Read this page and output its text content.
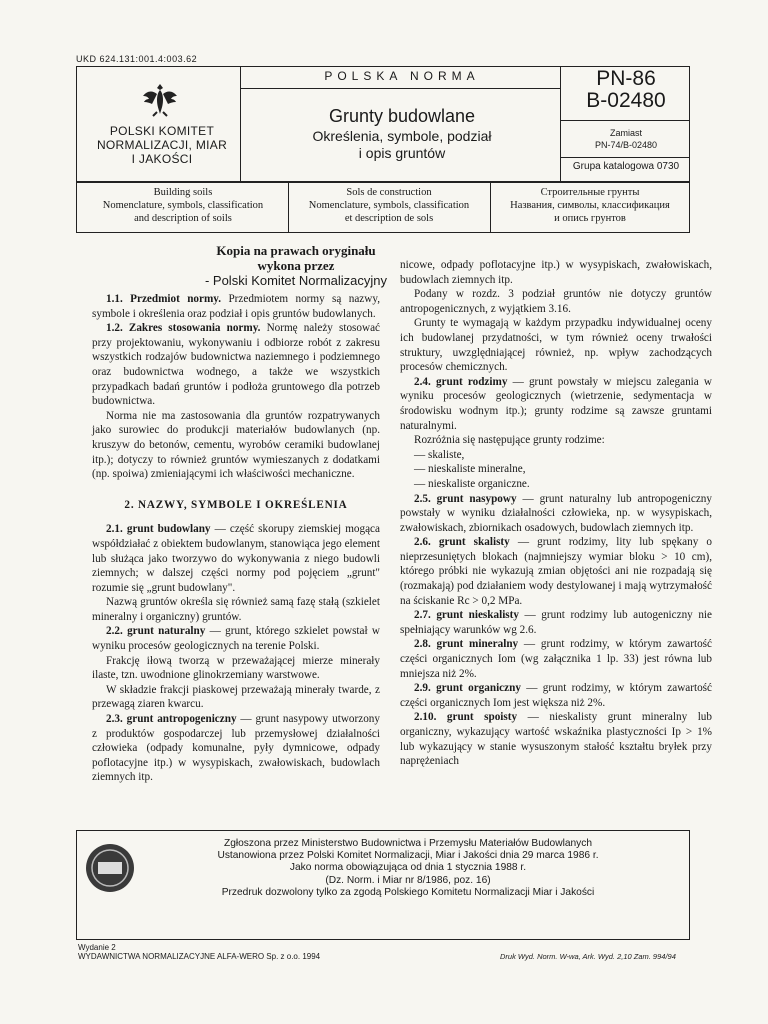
UKD 624.131:001.4:003.62
POLSKI KOMITET
NORMALIZACJI, MIAR
I JAKOŚCI
POLSKA NORMA
Grunty budowlane
Określenia, symbole, podział
i opis gruntów
PN-86
B-02480
Zamiast
PN-74/B-02480
Grupa katalogowa 0730
Building soils
Nomenclature, symbols, classification
and description of soils
Sols de construction
Nomenclature, symbols, classification
et description de sols
Строительные грунты
Названия, символы, классификация
и опись грунтов
Kopia na prawach oryginału
wykona przez
- Polski Komitet Normalizacyjny

1.1. Przedmiot normy. Przedmiotem normy są nazwy, symbole i określenia oraz podział i opis gruntów budowlanych.

1.2. Zakres stosowania normy. Normę należy stosować przy projektowaniu, wykonywaniu i odbiorze robót z zakresu wszystkich rodzajów budownictwa naziemnego i podziemnego oraz budownictwa wodnego, a także we wszystkich przypadkach badań gruntów i podłoża gruntowego dla potrzeb budownictwa.

Norma nie ma zastosowania dla gruntów rozpatrywanych jako surowiec do produkcji materiałów budowlanych (np. kruszyw do betonów, cementu, wyrobów ceramiki budowlanej itp.); dotyczy to również gruntów wymieszanych z dodatkami (np. spoiwa) zmieniającymi ich właściwości mechaniczne.

2. NAZWY, SYMBOLE I OKREŚLENIA

2.1. grunt budowlany — część skorupy ziemskiej mogąca współdziałać z obiektem budowlanym, stanowiąca jego element lub służąca jako tworzywo do wykonywania z niego budowli ziemnych; w dalszej części normy pod pojęciem „grunt" rozumie się „grunt budowlany".

Nazwą gruntów określa się również samą fazę stałą (szkielet mineralny i organiczny) gruntów.

2.2. grunt naturalny — grunt, którego szkielet powstał w wyniku procesów geologicznych na terenie Polski.

Frakcję iłową tworzą w przeważającej mierze minerały ilaste, tzn. uwodnione glinokrzemiany warstwowe.

W składzie frakcji piaskowej przeważają minerały twarde, z przewagą ziaren kwarcu.

2.3. grunt antropogeniczny — grunt nasypowy utworzony z produktów gospodarczej lub przemysłowej działalności człowieka (odpady komunalne, pyły dymnicowe, odpady poflotacyjne itp.) w wysypiskach, zwałowiskach, budowlach ziemnych itp.

nicowe, odpady poflotacyjne itp.) w wysypiskach, zwałowiskach, budowlach ziemnych itp.

Podany w rozdz. 3 podział gruntów nie dotyczy gruntów antropogenicznych, z wyjątkiem 3.16.

Grunty te wymagają w każdym przypadku indywidualnej oceny ich budowlanej przydatności, w tym również oceny trwałości struktury, uwzględniającej również, np. wpływ zachodzących procesów chemicznych.

2.4. grunt rodzimy — grunt powstały w miejscu zalegania w wyniku procesów geologicznych (wietrzenie, sedymentacja w środowisku wodnym itp.); grunty rodzime są zawsze gruntami naturalnymi.

Rozróżnia się następujące grunty rodzime:

— skaliste,

— nieskaliste mineralne,

— nieskaliste organiczne.

2.5. grunt nasypowy — grunt naturalny lub antropogeniczny powstały w wyniku działalności człowieka, np. w wysypiskach, zwałowiskach, zbiornikach osadowych, budowlach ziemnych itp.

2.6. grunt skalisty — grunt rodzimy, lity lub spękany o nieprzesuniętych blokach (najmniejszy wymiar bloku > 10 cm), którego próbki nie wykazują zmian objętości ani nie rozpadają się (rozmakają) pod działaniem wody destylowanej i mają wytrzymałość na ściskanie Rc > 0,2 MPa.

2.7. grunt nieskalisty — grunt rodzimy lub autogeniczny nie spełniający warunków wg 2.6.

2.8. grunt mineralny — grunt rodzimy, w którym zawartość części organicznych Iom (wg załącznika 1 lp. 33) jest równa lub mniejsza niż 2%.

2.9. grunt organiczny — grunt rodzimy, w którym zawartość części organicznych Iom jest większa niż 2%.

2.10. grunt spoisty — nieskalisty grunt mineralny lub organiczny, wykazujący wartość wskaźnika plastyczności Ip > 1% lub wykazujący w stanie wysuszonym stałość kształtu bryłek przy naprężeniach

Zgłoszona przez Ministerstwo Budownictwa i Przemysłu Materiałów Budowlanych

Ustanowiona przez Polski Komitet Normalizacji, Miar i Jakości dnia 29 marca 1986 r.

Jako norma obowiązująca od dnia 1 stycznia 1988 r.

(Dz. Norm. i Miar nr 8/1986, poz. 16)

Przedruk dozwolony tylko za zgodą Polskiego Komitetu Normalizacji Miar i Jakości

Wydanie 2
WYDAWNICTWA NORMALIZACYJNE ALFA-WERO Sp. z o.o. 1994	Druk Wyd. Norm. W-wa, Ark. Wyd. 2,10 Zam. 994/94
